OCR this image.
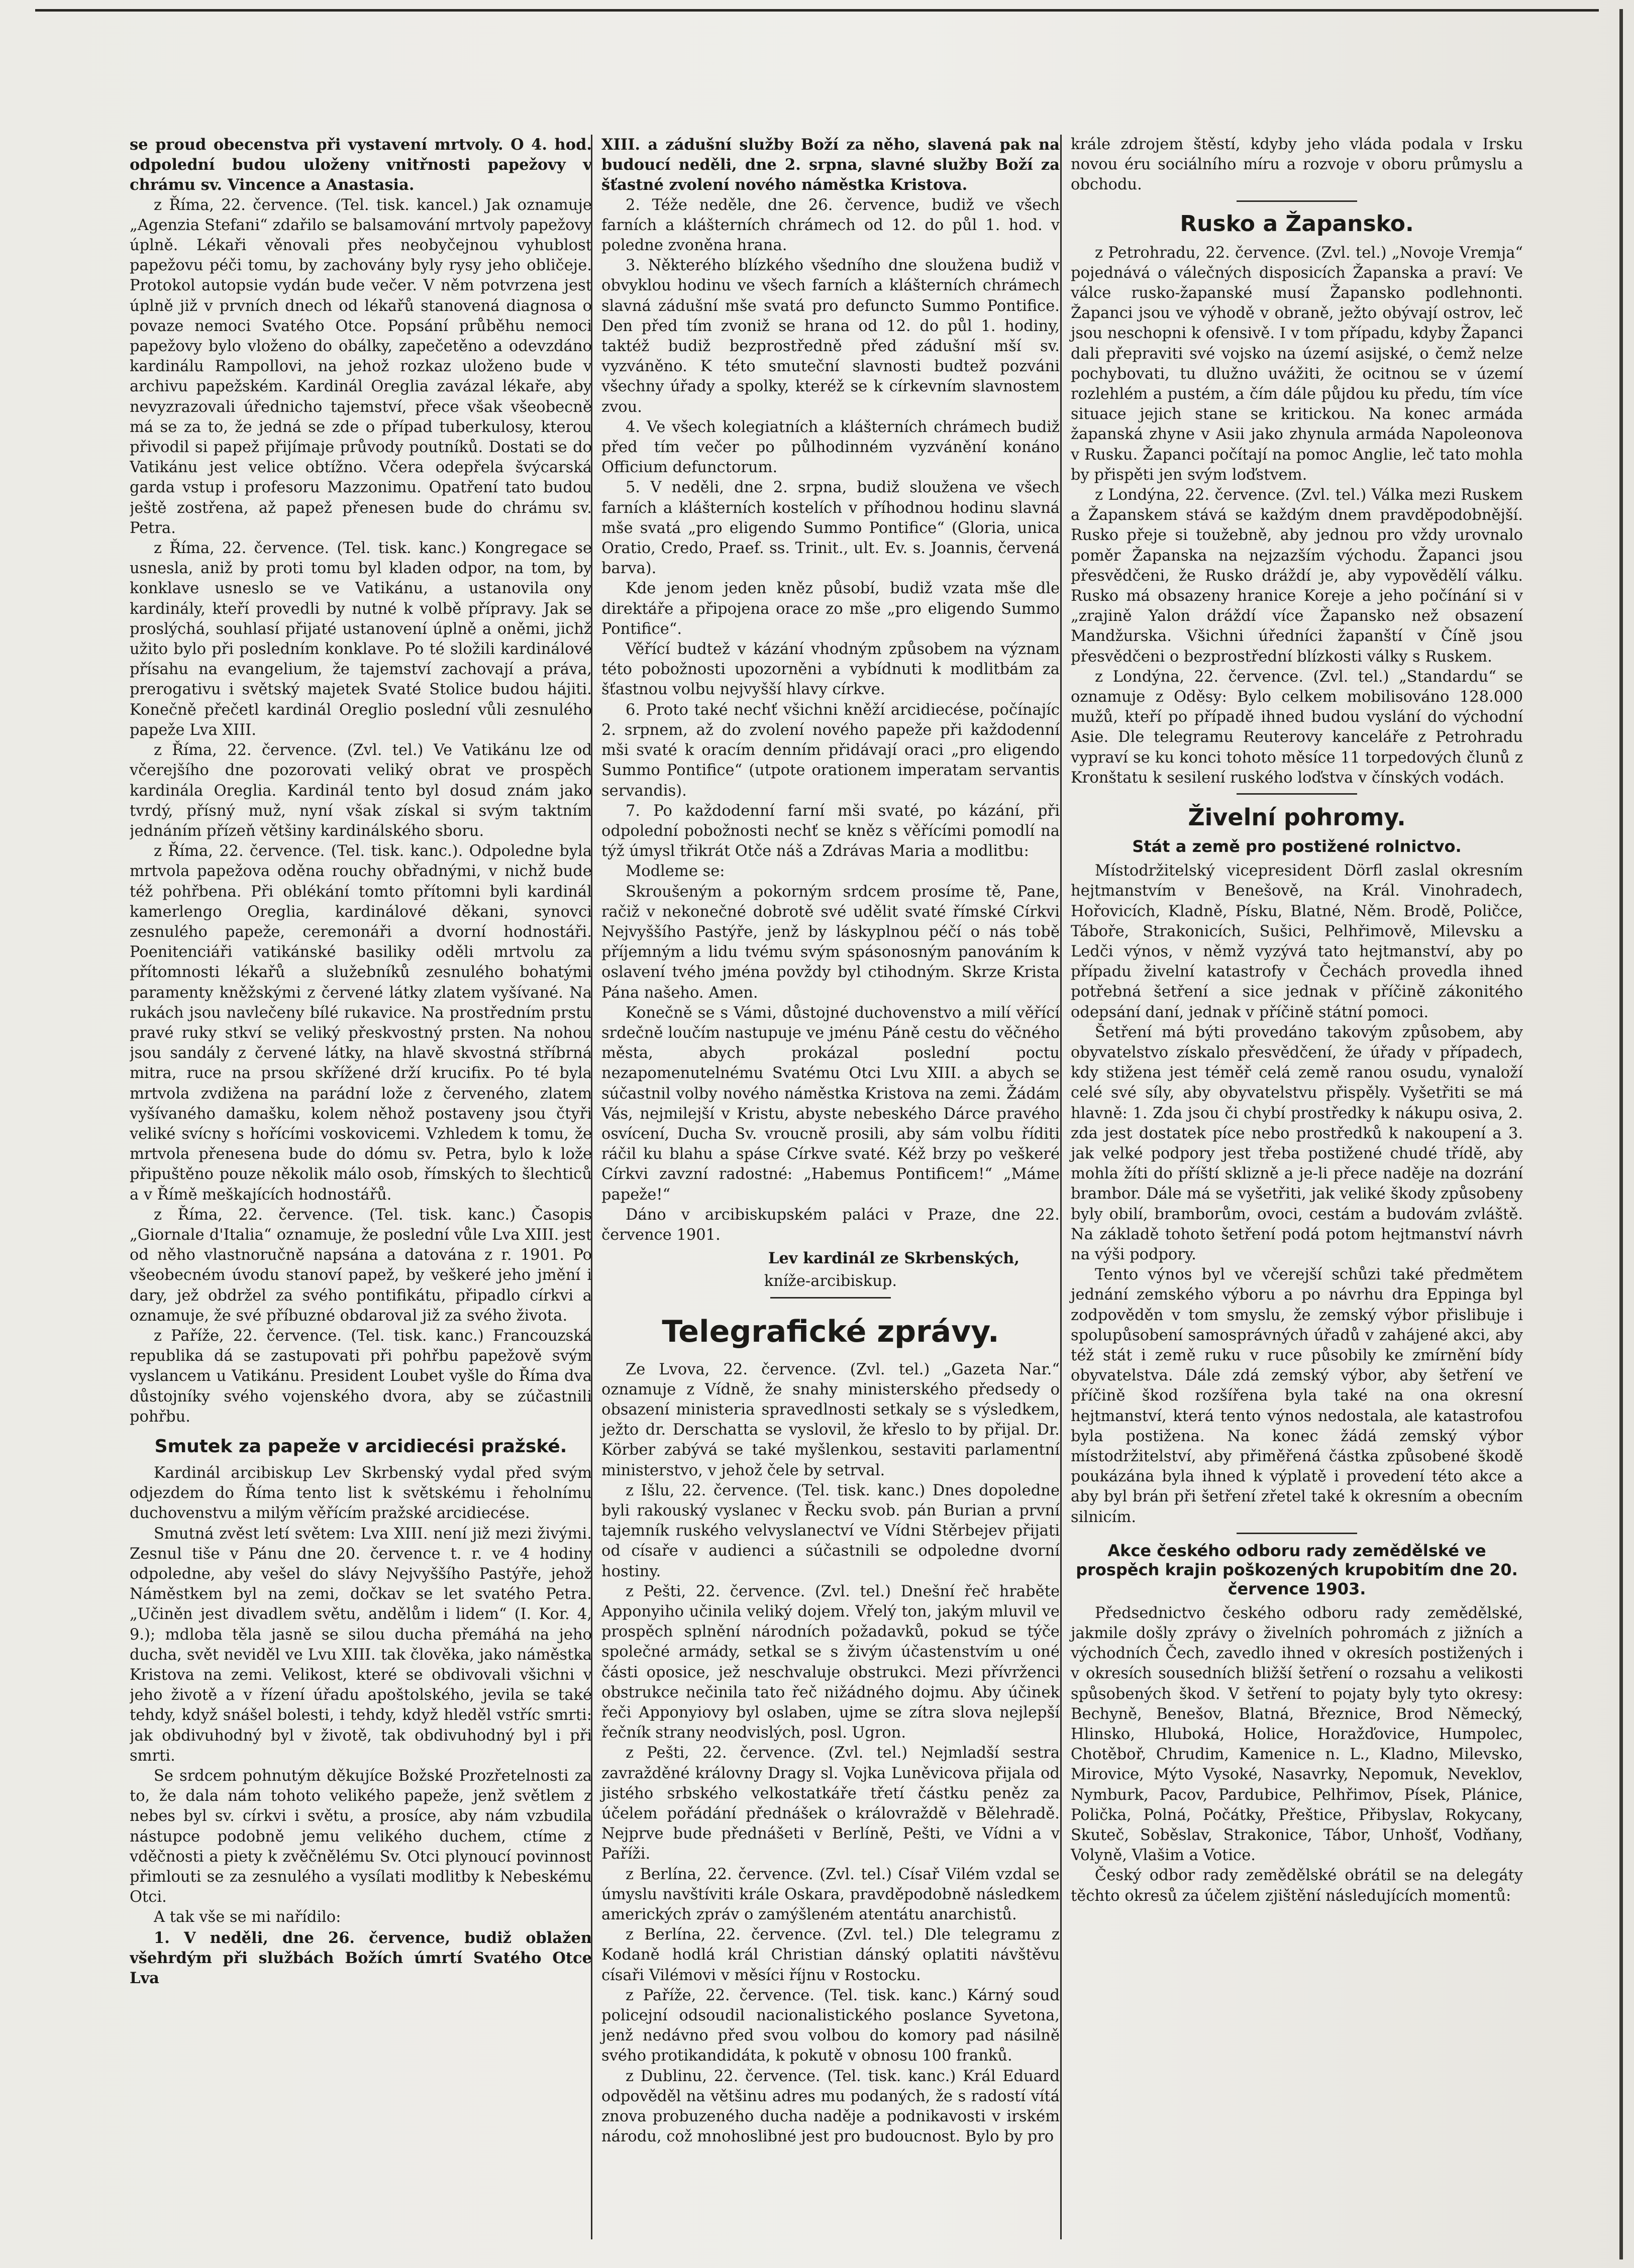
se proud obecenstva při vystavení mrtvoly. O 4. hod. odpolední budou uloženy vnitřnosti papežovy v chrámu sv. Vincence a Anastasia.

z Říma, 22. července. (Tel. tisk. kancel.) Jak oznamuje „Agenzia Stefani“ zdařilo se balsamování mrtvoly papežovy úplně. Lékaři věnovali přes neobyčejnou vyhublost papežovu péči tomu, by zachovány byly rysy jeho obličeje. Protokol autopsie vydán bude večer. V něm potvrzena jest úplně již v prvních dnech od lékařů stanovená diagnosa o povaze nemoci Svatého Otce. Popsání průběhu nemoci papežovy bylo vloženo do obálky, zapečetěno a odevzdáno kardinálu Rampollovi, na jehož rozkaz uloženo bude v archivu papežském. Kardinál Oreglia zavázal lékaře, aby nevyzrazovali úřednicho tajemství, přece však všeobecně má se za to, že jedná se zde o případ tuberkulosy, kterou přivodil si papež přijímaje průvody poutníků. Dostati se do Vatikánu jest velice obtížno. Včera odepřela švýcarská garda vstup i profesoru Mazzonimu. Opatření tato budou ještě zostřena, až papež přenesen bude do chrámu sv. Petra.

z Říma, 22. července. (Tel. tisk. kanc.) Kongregace se usnesla, aniž by proti tomu byl kladen odpor, na tom, by konklave usneslo se ve Vatikánu, a ustanovila ony kardinály, kteří provedli by nutné k volbě přípravy. Jak se proslýchá, souhlasí přijaté ustanovení úplně a oněmi, jichž užito bylo při posledním konklave. Po té složili kardinálové přísahu na evangelium, že tajemství zachovají a práva, prerogativu i světský majetek Svaté Stolice budou hájiti. Konečně přečetl kardinál Oreglio poslední vůli zesnulého papeže Lva XIII.

z Říma, 22. července. (Zvl. tel.) Ve Vatikánu lze od včerejšího dne pozorovati veliký obrat ve prospěch kardinála Oreglia. Kardinál tento byl dosud znám jako tvrdý, přísný muž, nyní však získal si svým taktním jednáním přízeň většiny kardinálského sboru.

z Říma, 22. července. (Tel. tisk. kanc.). Odpoledne byla mrtvola papežova oděna rouchy obřadnými, v nichž bude též pohřbena. Při oblékání tomto přítomni byli kardinál kamerlengo Oreglia, kardinálové děkani, synovci zesnulého papeže, ceremonáři a dvorní hodnostáři. Poenitenciáři vatikánské basiliky oděli mrtvolu za přítomnosti lékařů a služebníků zesnulého bohatými paramenty kněžskými z červené látky zlatem vyšívané. Na rukách jsou navlečeny bílé rukavice. Na prostředním prstu pravé ruky stkví se veliký přeskvostný prsten. Na nohou jsou sandály z červené látky, na hlavě skvostná stříbrná mitra, ruce na prsou skřížené drží krucifix. Po té byla mrtvola zvdižena na parádní lože z červeného, zlatem vyšívaného damašku, kolem něhož postaveny jsou čtyři veliké svícny s hořícími voskovicemi. Vzhledem k tomu, že mrtvola přenesena bude do dómu sv. Petra, bylo k lože připuštěno pouze několik málo osob, římských to šlechticů a v Římě meškajících hodnostářů.

z Říma, 22. července. (Tel. tisk. kanc.) Časopis „Giornale d'Italia“ oznamuje, že poslední vůle Lva XIII. jest od něho vlastnoručně napsána a datována z r. 1901. Po všeobecném úvodu stanoví papež, by veškeré jeho jmění i dary, jež obdržel za svého pontifikátu, připadlo církvi a oznamuje, že své příbuzné obdaroval již za svého života.

z Paříže, 22. července. (Tel. tisk. kanc.) Francouzská republika dá se zastupovati při pohřbu papežově svým vyslancem u Vatikánu. President Loubet vyšle do Říma dva důstojníky svého vojenského dvora, aby se zúčastnili pohřbu.

Smutek za papeže v arcidiecési pražské.

Kardinál arcibiskup Lev Skrbenský vydal před svým odjezdem do Říma tento list k světskému i řeholnímu duchovenstvu a milým věřícím pražské arcidiecése.

Smutná zvěst letí světem: Lva XIII. není již mezi živými. Zesnul tiše v Pánu dne 20. července t. r. ve 4 hodiny odpoledne, aby vešel do slávy Nejvyššího Pastýře, jehož Náměstkem byl na zemi, dočkav se let svatého Petra. „Učiněn jest divadlem světu, andělům i lidem“ (I. Kor. 4, 9.); mdloba těla jasně se silou ducha přemáhá na jeho ducha, svět neviděl ve Lvu XIII. tak člověka, jako náměstka Kristova na zemi. Velikost, které se obdivovali všichni v jeho životě a v řízení úřadu apoštolského, jevila se také tehdy, když snášel bolesti, i tehdy, když hleděl vstříc smrti: jak obdivuhodný byl v životě, tak obdivuhodný byl i při smrti.

Se srdcem pohnutým děkujíce Božské Prozřetelnosti za to, že dala nám tohoto velikého papeže, jenž světlem z nebes byl sv. církvi i světu, a prosíce, aby nám vzbudila nástupce podobně jemu velikého duchem, ctíme z vděčnosti a piety k zvěčnělému Sv. Otci plynoucí povinnost přimlouti se za zesnulého a vysílati modlitby k Nebeskému Otci.

A tak vše se mi nařídilo:

1. V neděli, dne 26. července, budiž oblažen všehrdým při službách Božích úmrtí Svatého Otce Lva

XIII. a zádušní služby Boží za něho, slavená pak na budoucí neděli, dne 2. srpna, slavné služby Boží za šťastné zvolení nového náměstka Kristova.

2. Téže neděle, dne 26. července, budiž ve všech farních a klášterních chrámech od 12. do půl 1. hod. v poledne zvoněna hrana.

3. Některého blízkého všedního dne sloužena budiž v obvyklou hodinu ve všech farních a klášterních chrámech slavná zádušní mše svatá pro defuncto Summo Pontifice. Den před tím zvoniž se hrana od 12. do půl 1. hodiny, taktéž budiž bezprostředně před zádušní mší sv. vyzváněno. K této smuteční slavnosti budtež pozváni všechny úřady a spolky, kteréž se k církevním slavnostem zvou.

4. Ve všech kolegiatních a klášterních chrámech budiž před tím večer po půlhodinném vyzvánění konáno Officium defunctorum.

5. V neděli, dne 2. srpna, budiž sloužena ve všech farních a klášterních kostelích v příhodnou hodinu slavná mše svatá „pro eligendo Summo Pontifice“ (Gloria, unica Oratio, Credo, Praef. ss. Trinit., ult. Ev. s. Joannis, červená barva).

Kde jenom jeden kněz působí, budiž vzata mše dle direktáře a připojena orace zo mše „pro eligendo Summo Pontifice“.

Věřící budtež v kázání vhodným způsobem na význam této pobožnosti upozorněni a vybídnuti k modlitbám za šťastnou volbu nejvyšší hlavy církve.

6. Proto také nechť všichni kněží arcidiecése, počínajíc 2. srpnem, až do zvolení nového papeže při každodenní mši svaté k oracím denním přidávají oraci „pro eligendo Summo Pontifice“ (utpote orationem imperatam servantis servandis).

7. Po každodenní farní mši svaté, po kázání, při odpolední pobožnosti nechť se kněz s věřícími pomodlí na týž úmysl třikrát Otče náš a Zdrávas Maria a modlitbu:

Modleme se:

Skroušeným a pokorným srdcem prosíme tě, Pane, račiž v nekonečné dobrotě své udělit svaté římské Církvi Nejvyššího Pastýře, jenž by láskyplnou péčí o nás tobě příjemným a lidu tvému svým spásonosným panováním k oslavení tvého jména povždy byl ctihodným. Skrze Krista Pána našeho. Amen.

Konečně se s Vámi, důstojné duchovenstvo a milí věřící srdečně loučím nastupuje ve jménu Páně cestu do věčného města, abych prokázal poslední poctu nezapomenutelnému Svatému Otci Lvu XIII. a abych se súčastnil volby nového náměstka Kristova na zemi. Žádám Vás, nejmilejší v Kristu, abyste nebeského Dárce pravého osvícení, Ducha Sv. vroucně prosili, aby sám volbu říditi ráčil ku blahu a spáse Církve svaté. Kéž brzy po veškeré Církvi zavzní radostné: „Habemus Pontificem!“ „Máme papeže!“

Dáno v arcibiskupském paláci v Praze, dne 22. července 1901.

Lev kardinál ze Skrbenských,
kníže-arcibiskup.
Telegrafické zprávy.

Ze Lvova, 22. července. (Zvl. tel.) „Gazeta Nar.“ oznamuje z Vídně, že snahy ministerského předsedy o obsazení ministeria spravedlnosti setkaly se s výsledkem, ježto dr. Derschatta se vyslovil, že křeslo to by přijal. Dr. Körber zabývá se také myšlenkou, sestaviti parlamentní ministerstvo, v jehož čele by setrval.

z Išlu, 22. července. (Tel. tisk. kanc.) Dnes dopoledne byli rakouský vyslanec v Řecku svob. pán Burian a první tajemník ruského velvyslanectví ve Vídni Stěrbejev přijati od císaře v audienci a súčastnili se odpoledne dvorní hostiny.

z Pešti, 22. července. (Zvl. tel.) Dnešní řeč hraběte Apponyiho učinila veliký dojem. Vřelý ton, jakým mluvil ve prospěch splnění národních požadavků, pokud se týče společné armády, setkal se s živým účastenstvím u oné části oposice, jež neschvaluje obstrukci. Mezi přívrženci obstrukce nečinila tato řeč nižádného dojmu. Aby účinek řeči Apponyiovy byl oslaben, ujme se zítra slova nejlepší řečník strany neodvislých, posl. Ugron.

z Pešti, 22. července. (Zvl. tel.) Nejmladší sestra zavražděné královny Dragy sl. Vojka Luněvicova přijala od jistého srbského velkostatkáře třetí částku peněz za účelem pořádání přednášek o královraždě v Bělehradě. Nejprve bude přednášeti v Berlíně, Pešti, ve Vídni a v Paříži.

z Berlína, 22. července. (Zvl. tel.) Císař Vilém vzdal se úmyslu navštíviti krále Oskara, pravděpodobně následkem amerických zpráv o zamýšleném atentátu anarchistů.

z Berlína, 22. července. (Zvl. tel.) Dle telegramu z Kodaně hodlá král Christian dánský oplatiti návštěvu císaři Vilémovi v měsíci říjnu v Rostocku.

z Paříže, 22. července. (Tel. tisk. kanc.) Kárný soud policejní odsoudil nacionalistického poslance Syvetona, jenž nedávno před svou volbou do komory pad násilně svého protikandidáta, k pokutě v obnosu 100 franků.

z Dublinu, 22. července. (Tel. tisk. kanc.) Král Eduard odpověděl na většinu adres mu podaných, že s radostí vítá znova probuzeného ducha naděje a podnikavosti v irském národu, což mnohoslibné jest pro budoucnost. Bylo by pro

krále zdrojem štěstí, kdyby jeho vláda podala v Irsku novou éru sociálního míru a rozvoje v oboru průmyslu a obchodu.

Rusko a Žapansko.

z Petrohradu, 22. července. (Zvl. tel.) „Novoje Vremja“ pojednává o válečných disposicích Žapanska a praví: Ve válce rusko-žapanské musí Žapansko podlehnonti. Žapanci jsou ve výhodě v obraně, ježto obývají ostrov, leč jsou neschopni k ofensivě. I v tom případu, kdyby Žapanci dali přepraviti své vojsko na území asijské, o čemž nelze pochybovati, tu dlužno uvážiti, že ocitnou se v území rozlehlém a pustém, a čím dále půjdou ku předu, tím více situace jejich stane se kritickou. Na konec armáda žapanská zhyne v Asii jako zhynula armáda Napoleonova v Rusku. Žapanci počítají na pomoc Anglie, leč tato mohla by přispěti jen svým loďstvem.

z Londýna, 22. července. (Zvl. tel.) Válka mezi Ruskem a Žapanskem stává se každým dnem pravděpodobnější. Rusko přeje si toužebně, aby jednou pro vždy urovnalo poměr Žapanska na nejzazším východu. Žapanci jsou přesvědčeni, že Rusko dráždí je, aby vypovědělí válku. Rusko má obsazeny hranice Koreje a jeho počínání si v „zrajině Yalon dráždí více Žapansko než obsazení Mandžurska. Všichni úředníci žapanští v Číně jsou přesvědčeni o bezprostřední blízkosti války s Ruskem.

z Londýna, 22. července. (Zvl. tel.) „Standardu“ se oznamuje z Oděsy: Bylo celkem mobilisováno 128.000 mužů, kteří po případě ihned budou vyslání do východní Asie. Dle telegramu Reuterovy kanceláře z Petrohradu vypraví se ku konci tohoto měsíce 11 torpedových člunů z Kronštatu k sesilení ruského loďstva v čínských vodách.

Živelní pohromy.
Stát a země pro postižené rolnictvo.

Místodržitelský vicepresident Dörfl zaslal okresním hejtmanstvím v Benešově, na Král. Vinohradech, Hořovicích, Kladně, Písku, Blatné, Něm. Brodě, Poličce, Táboře, Strakonicích, Sušici, Pelhřimově, Milevsku a Ledči výnos, v němž vyzývá tato hejtmanství, aby po případu živelní katastrofy v Čechách provedla ihned potřebná šetření a sice jednak v příčině zákonitého odepsání daní, jednak v příčině státní pomoci.

Šetření má býti provedáno takovým způsobem, aby obyvatelstvo získalo přesvědčení, že úřady v případech, kdy stižena jest téměř celá země ranou osudu, vynaloží celé své síly, aby obyvatelstvu přispěly. Vyšetřiti se má hlavně: 1. Zda jsou či chybí prostředky k nákupu osiva, 2. zda jest dostatek píce nebo prostředků k nakoupení a 3. jak velké podpory jest třeba postižené chudé třídě, aby mohla žíti do příští sklizně a je-li přece naděje na dozrání brambor. Dále má se vyšetřiti, jak veliké škody způsobeny byly obilí, bramborům, ovoci, cestám a budovám zvláště. Na základě tohoto šetření podá potom hejtmanství návrh na výši podpory.

Tento výnos byl ve včerejší schůzi také předmětem jednání zemského výboru a po návrhu dra Eppinga byl zodpověděn v tom smyslu, že zemský výbor přislibuje i spolupůsobení samosprávných úřadů v zahájené akci, aby též stát i země ruku v ruce působily ke zmírnění bídy obyvatelstva. Dále zdá zemský výbor, aby šetření ve příčině škod rozšířena byla také na ona okresní hejtmanství, která tento výnos nedostala, ale katastrofou byla postižena. Na konec žádá zemský výbor místodržitelství, aby přiměřená částka způsobené škodě poukázána byla ihned k výplatě i provedení této akce a aby byl brán při šetření zřetel také k okresním a obecním silnicím.

Akce českého odboru rady zemědělské ve prospěch krajin poškozených krupobitím dne 20. července 1903.

Předsednictvo českého odboru rady zemědělské, jakmile došly zprávy o živelních pohromách z jižních a východních Čech, zavedlo ihned v okresích postižených i v okresích sousedních bližší šetření o rozsahu a velikosti spůsobených škod. V šetření to pojaty byly tyto okresy: Bechyně, Benešov, Blatná, Březnice, Brod Německý, Hlinsko, Hluboká, Holice, Horažďovice, Humpolec, Chotěboř, Chrudim, Kamenice n. L., Kladno, Milevsko, Mirovice, Mýto Vysoké, Nasavrky, Nepomuk, Neveklov, Nymburk, Pacov, Pardubice, Pelhřimov, Písek, Plánice, Polička, Polná, Počátky, Přeštice, Přibyslav, Rokycany, Skuteč, Soběslav, Strakonice, Tábor, Unhošť, Vodňany, Volyně, Vlašim a Votice.

Český odbor rady zemědělské obrátil se na delegáty těchto okresů za účelem zjištění následujících momentů:
